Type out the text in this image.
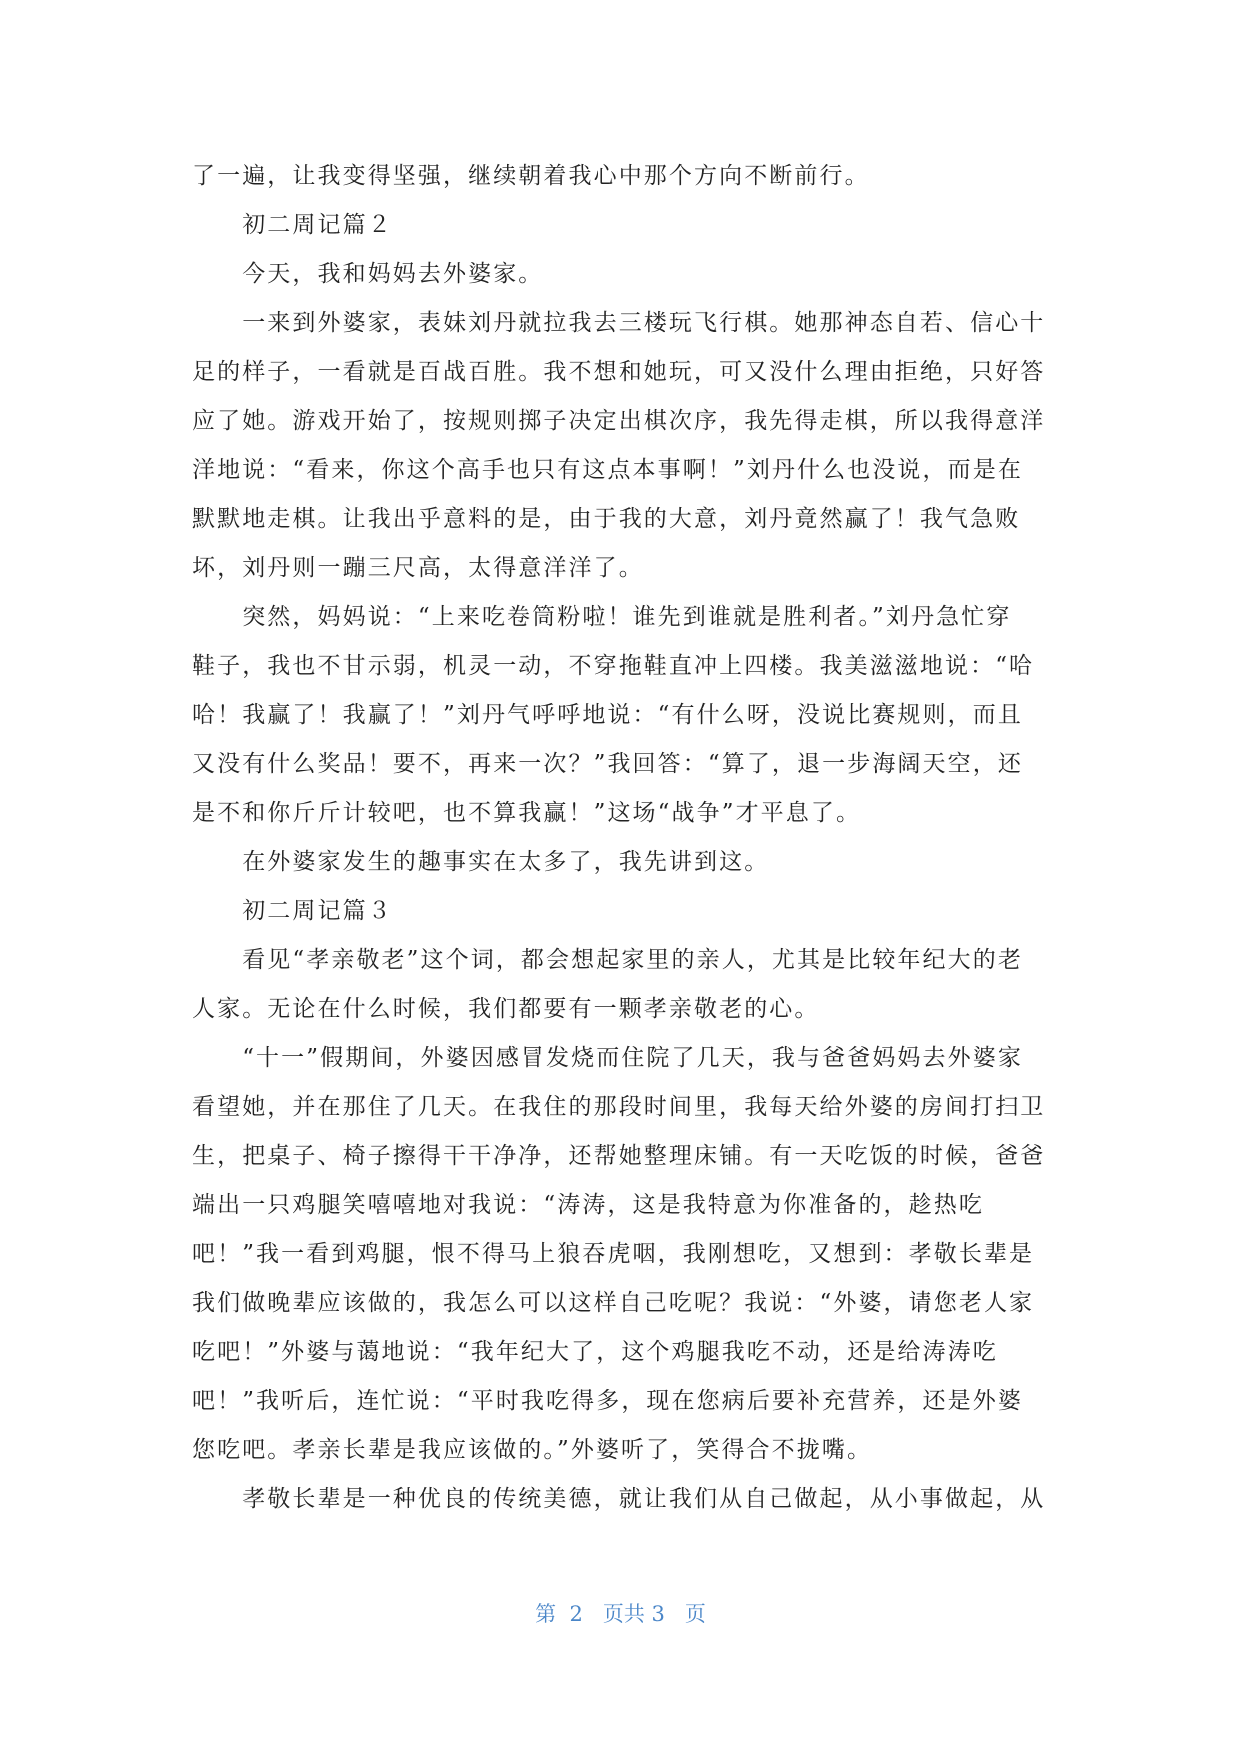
了一遍，让我变得坚强，继续朝着我心中那个方向不断前行。
　　初二周记篇２
　　今天，我和妈妈去外婆家。
　　一来到外婆家，表妹刘丹就拉我去三楼玩飞行棋。她那神态自若、信心十
足的样子，一看就是百战百胜。我不想和她玩，可又没什么理由拒绝，只好答
应了她。游戏开始了，按规则掷子决定出棋次序，我先得走棋，所以我得意洋
洋地说：“看来，你这个高手也只有这点本事啊！”刘丹什么也没说，而是在
默默地走棋。让我出乎意料的是，由于我的大意，刘丹竟然赢了！我气急败
坏，刘丹则一蹦三尺高，太得意洋洋了。
　　突然，妈妈说：“上来吃卷筒粉啦！谁先到谁就是胜利者。”刘丹急忙穿
鞋子，我也不甘示弱，机灵一动，不穿拖鞋直冲上四楼。我美滋滋地说：“哈
哈！我赢了！我赢了！”刘丹气呼呼地说：“有什么呀，没说比赛规则，而且
又没有什么奖品！要不，再来一次？”我回答：“算了，退一步海阔天空，还
是不和你斤斤计较吧，也不算我赢！”这场“战争”才平息了。
　　在外婆家发生的趣事实在太多了，我先讲到这。
　　初二周记篇３
　　看见“孝亲敬老”这个词，都会想起家里的亲人，尤其是比较年纪大的老
人家。无论在什么时候，我们都要有一颗孝亲敬老的心。
　　“十一”假期间，外婆因感冒发烧而住院了几天，我与爸爸妈妈去外婆家
看望她，并在那住了几天。在我住的那段时间里，我每天给外婆的房间打扫卫
生，把桌子、椅子擦得干干净净，还帮她整理床铺。有一天吃饭的时候，爸爸
端出一只鸡腿笑嘻嘻地对我说：“涛涛，这是我特意为你准备的，趁热吃
吧！”我一看到鸡腿，恨不得马上狼吞虎咽，我刚想吃，又想到：孝敬长辈是
我们做晚辈应该做的，我怎么可以这样自己吃呢？我说：“外婆，请您老人家
吃吧！”外婆与蔼地说：“我年纪大了，这个鸡腿我吃不动，还是给涛涛吃
吧！”我听后，连忙说：“平时我吃得多，现在您病后要补充营养，还是外婆
您吃吧。孝亲长辈是我应该做的。”外婆听了，笑得合不拢嘴。
　　孝敬长辈是一种优良的传统美德，就让我们从自己做起，从小事做起，从
第  2   页共 3   页
